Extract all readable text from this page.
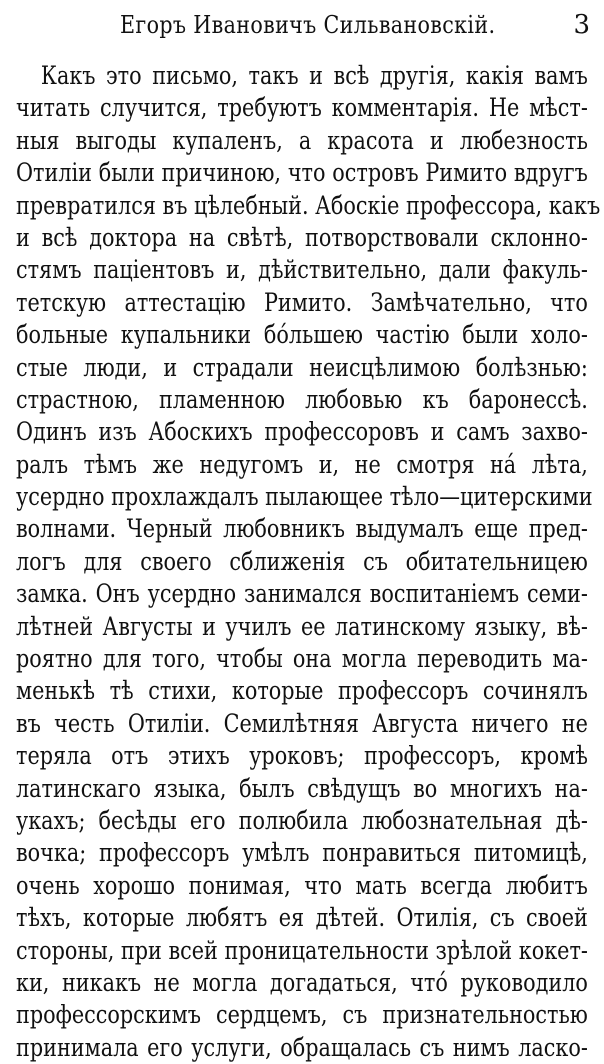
Егоръ Ивановичъ Сильвановскій.	3
Какъ это письмо, такъ и всѣ другія, какія вамъ
читать случится, требуютъ комментарія. Не мѣст-
ныя выгоды купаленъ, а красота и любезность
Отиліи были причиною, что островъ Римито вдругъ
превратился въ цѣлебный. Абоскіе профессора, какъ
и всѣ доктора на свѣтѣ, потворствовали склонно-
стямъ паціентовъ и, дѣйствительно, дали факуль-
тетскую аттестацію Римито. Замѣчательно, что
больные купальники бо́льшею частію были холо-
стые люди, и страдали неисцѣлимою болѣзнью:
страстною, пламенною любовью къ баронессѣ.
Одинъ изъ Абоскихъ профессоровъ и самъ захво-
ралъ тѣмъ же недугомъ и, не смотря на́ лѣта,
усердно прохлаждалъ пылающее тѣло—цитерскими
волнами. Черный любовникъ выдумалъ еще пред-
логъ для своего сближенія съ обитательницею
замка. Онъ усердно занимался воспитаніемъ семи-
лѣтней Августы и училъ ее латинскому языку, вѣ-
роятно для того, чтобы она могла переводить ма-
менькѣ тѣ стихи, которые профессоръ сочинялъ
въ честь Отиліи. Семилѣтняя Августа ничего не
теряла отъ этихъ уроковъ; профессоръ, кромѣ
латинскаго языка, былъ свѣдущъ во многихъ на-
укахъ; бесѣды его полюбила любознательная дѣ-
вочка; профессоръ умѣлъ понравиться питомицѣ,
очень хорошо понимая, что мать всегда любитъ
тѣхъ, которые любятъ ея дѣтей. Отилія, съ своей
стороны, при всей проницательности зрѣлой кокет-
ки, никакъ не могла догадаться, что́ руководило
профессорскимъ сердцемъ, съ признательностью
принимала его услуги, обращалась съ нимъ ласко-
